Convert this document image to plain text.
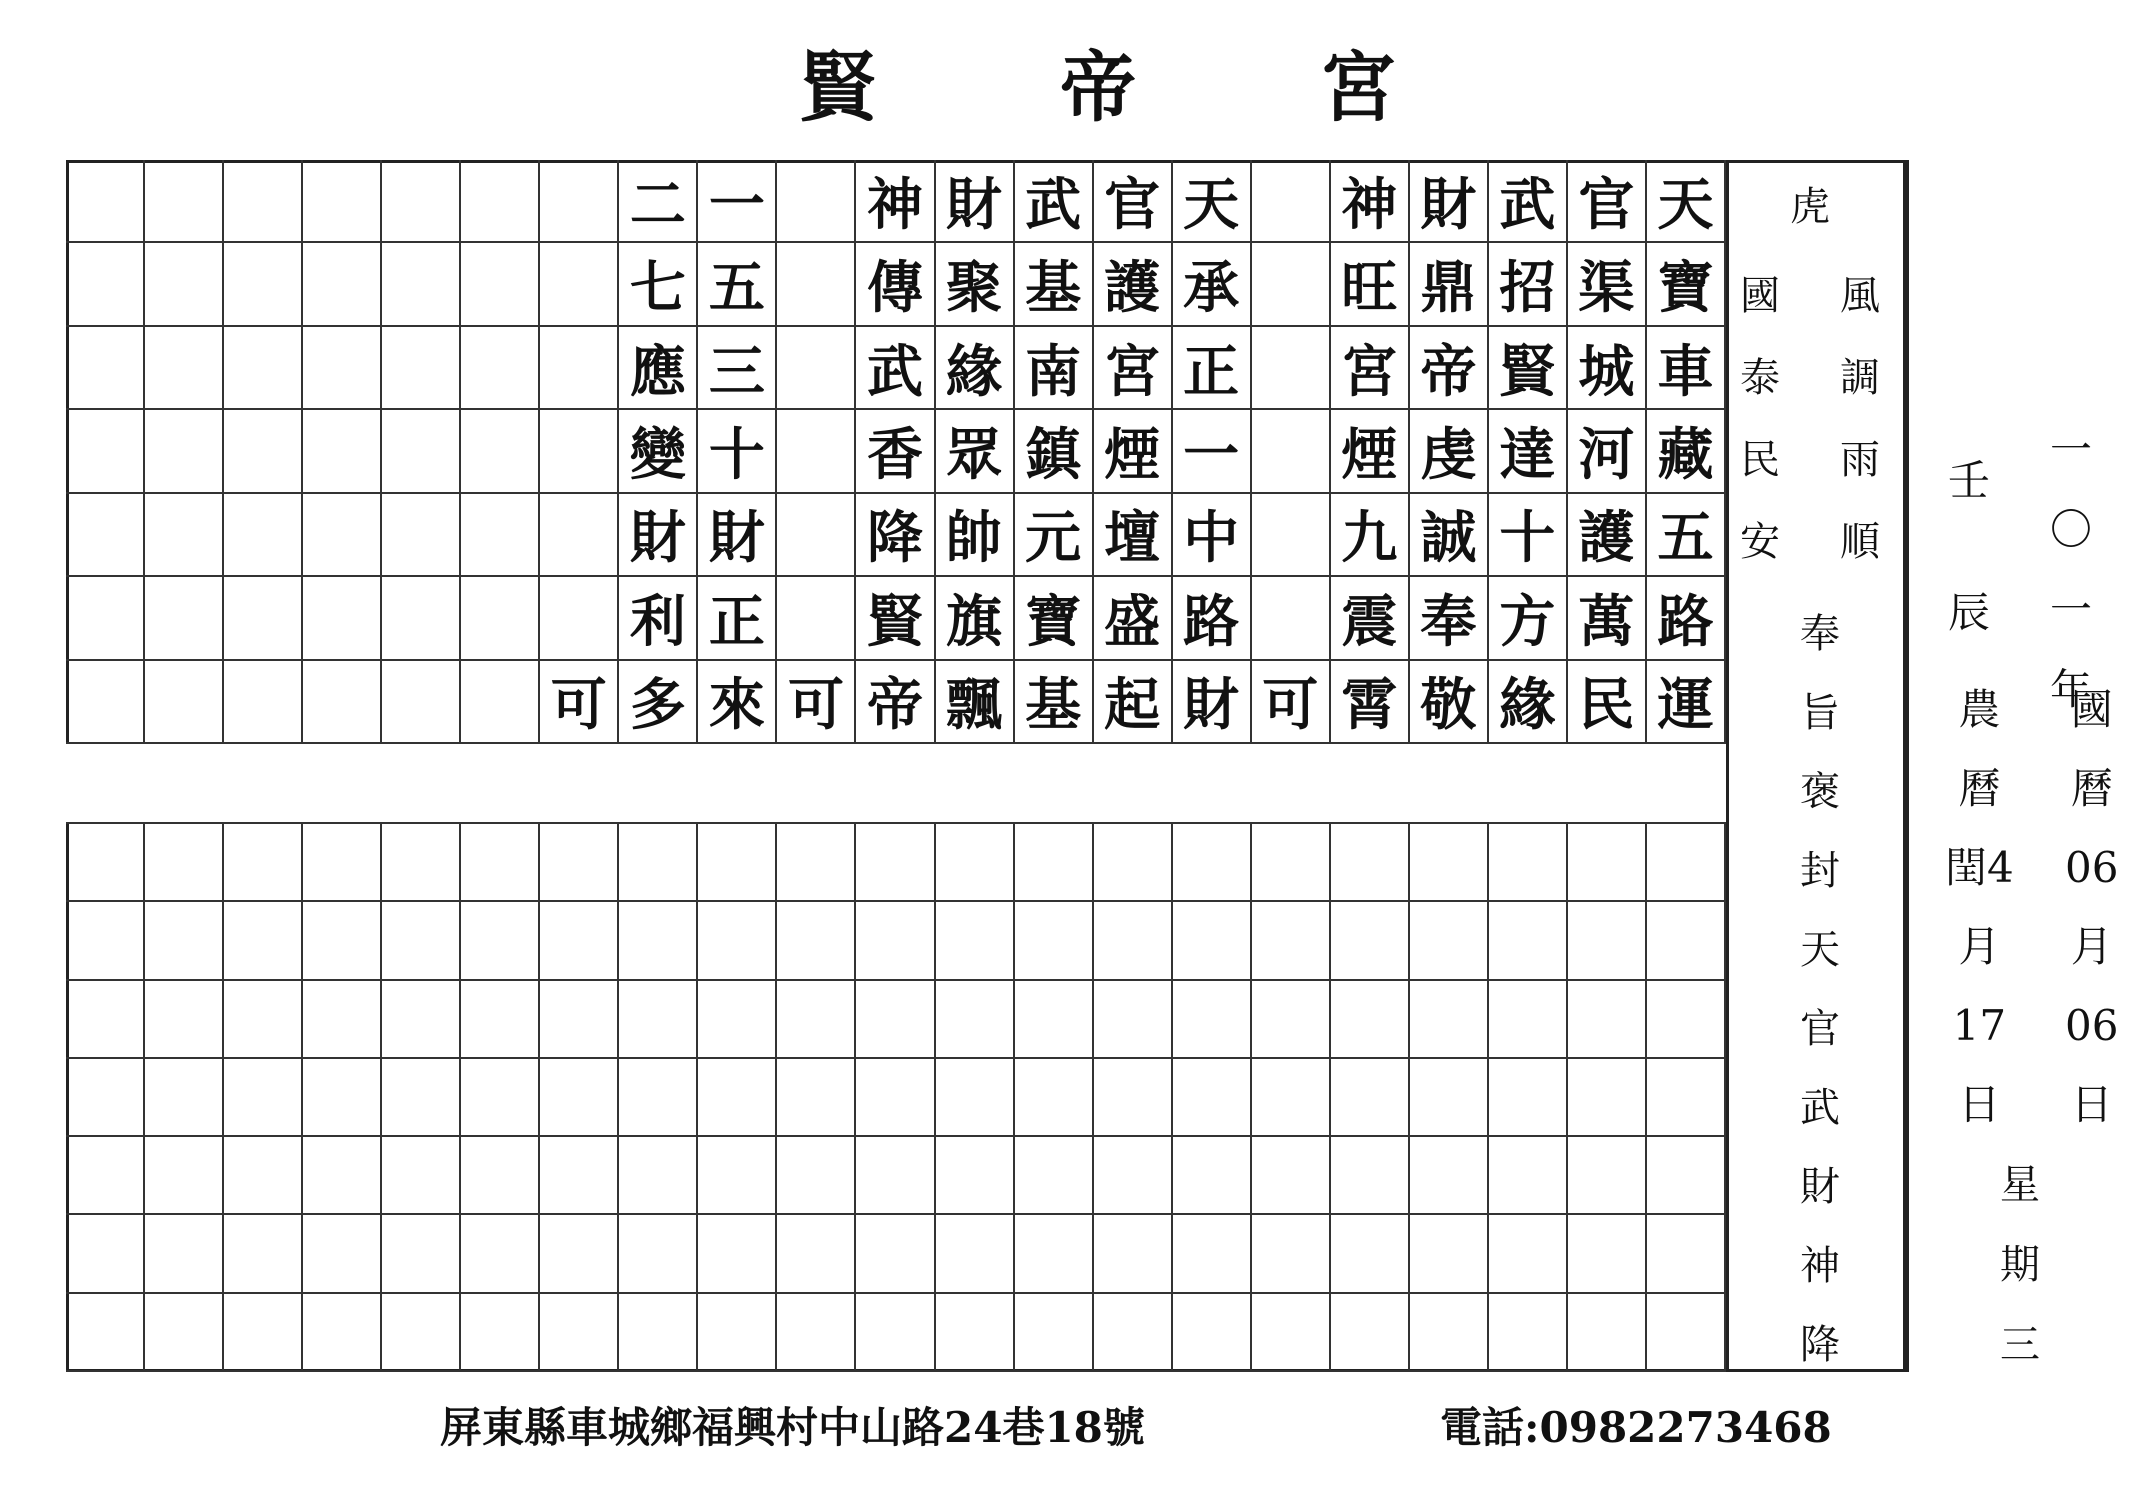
賢 帝 宮
可
二
七
應
變
財
利
多
一
五
三
十
財
正
來 可
神
傳
武
香
降
賢
帝
財
聚
緣
眾
帥
旗
飄
武
基
南
鎮
元
寶
基
官
護
宮
煙
壇
盛
起
天
承
正
一
中
路
財 可
神
旺
宮
煙
九
震
霄
財
鼎
帝
虔
誠
奉
敬
武
招
賢
達
十
方
緣
官
渠
城
河
護
萬
民
天
寶
車
藏
五
路
運
虎
國
泰
民
安
風
調
雨
順
奉
旨
褒
封
天
官
武
財
神
降
壬
辰
一
〇
一
年
國
曆
06
月
06
日
農
曆
閏4
月
17
日
星
期
三
屏東縣車城鄉福興村中山路24巷18號	電話:0982273468
